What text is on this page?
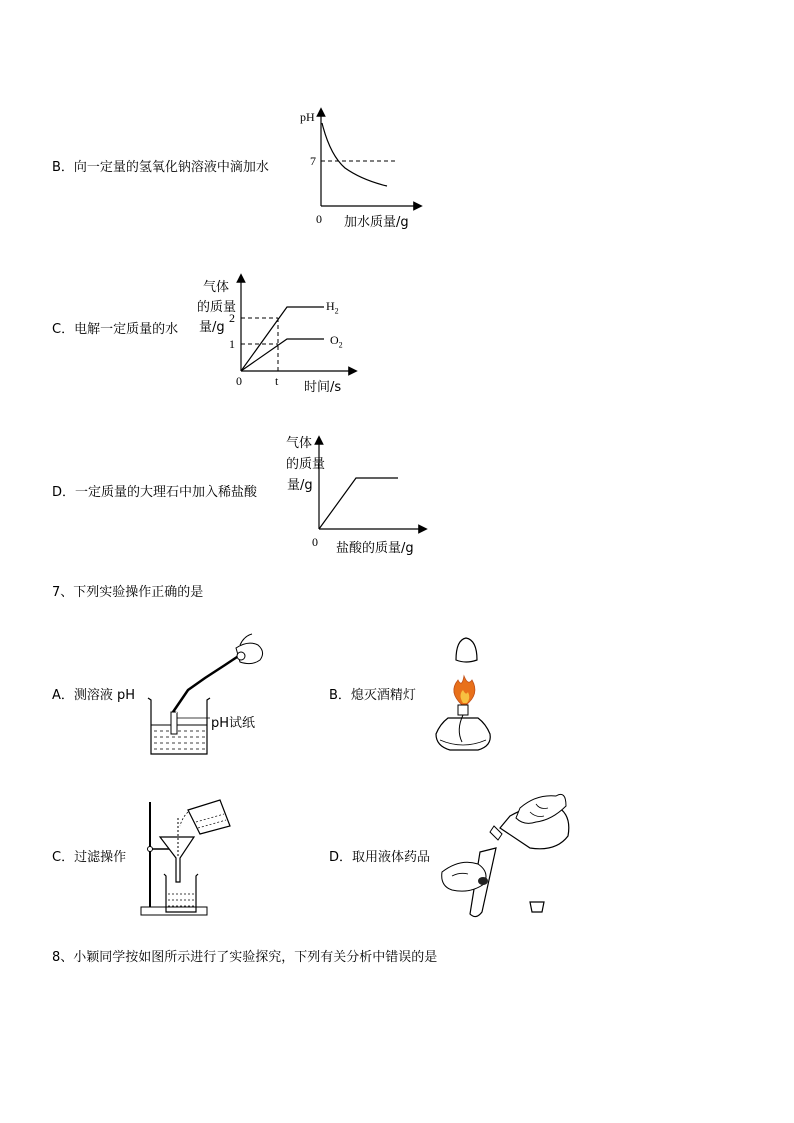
B．向一定量的氢氧化钠溶液中滴加水
pH
7
0 加水质量/g
C．电解一定质量的水
气体
的质量
量/g
2
1
0	t 时间/s
$H_2$
$O_2$
D．一定质量的大理石中加入稀盐酸
气体
的质量
量/g
0 盐酸的质量/g
7、下列实验操作正确的是
A．测溶液 pH
pH试纸
B．熄灭酒精灯
C．过滤操作	D．取用液体药品
8、小颖同学按如图所示进行了实验探究，下列有关分析中错误的是
